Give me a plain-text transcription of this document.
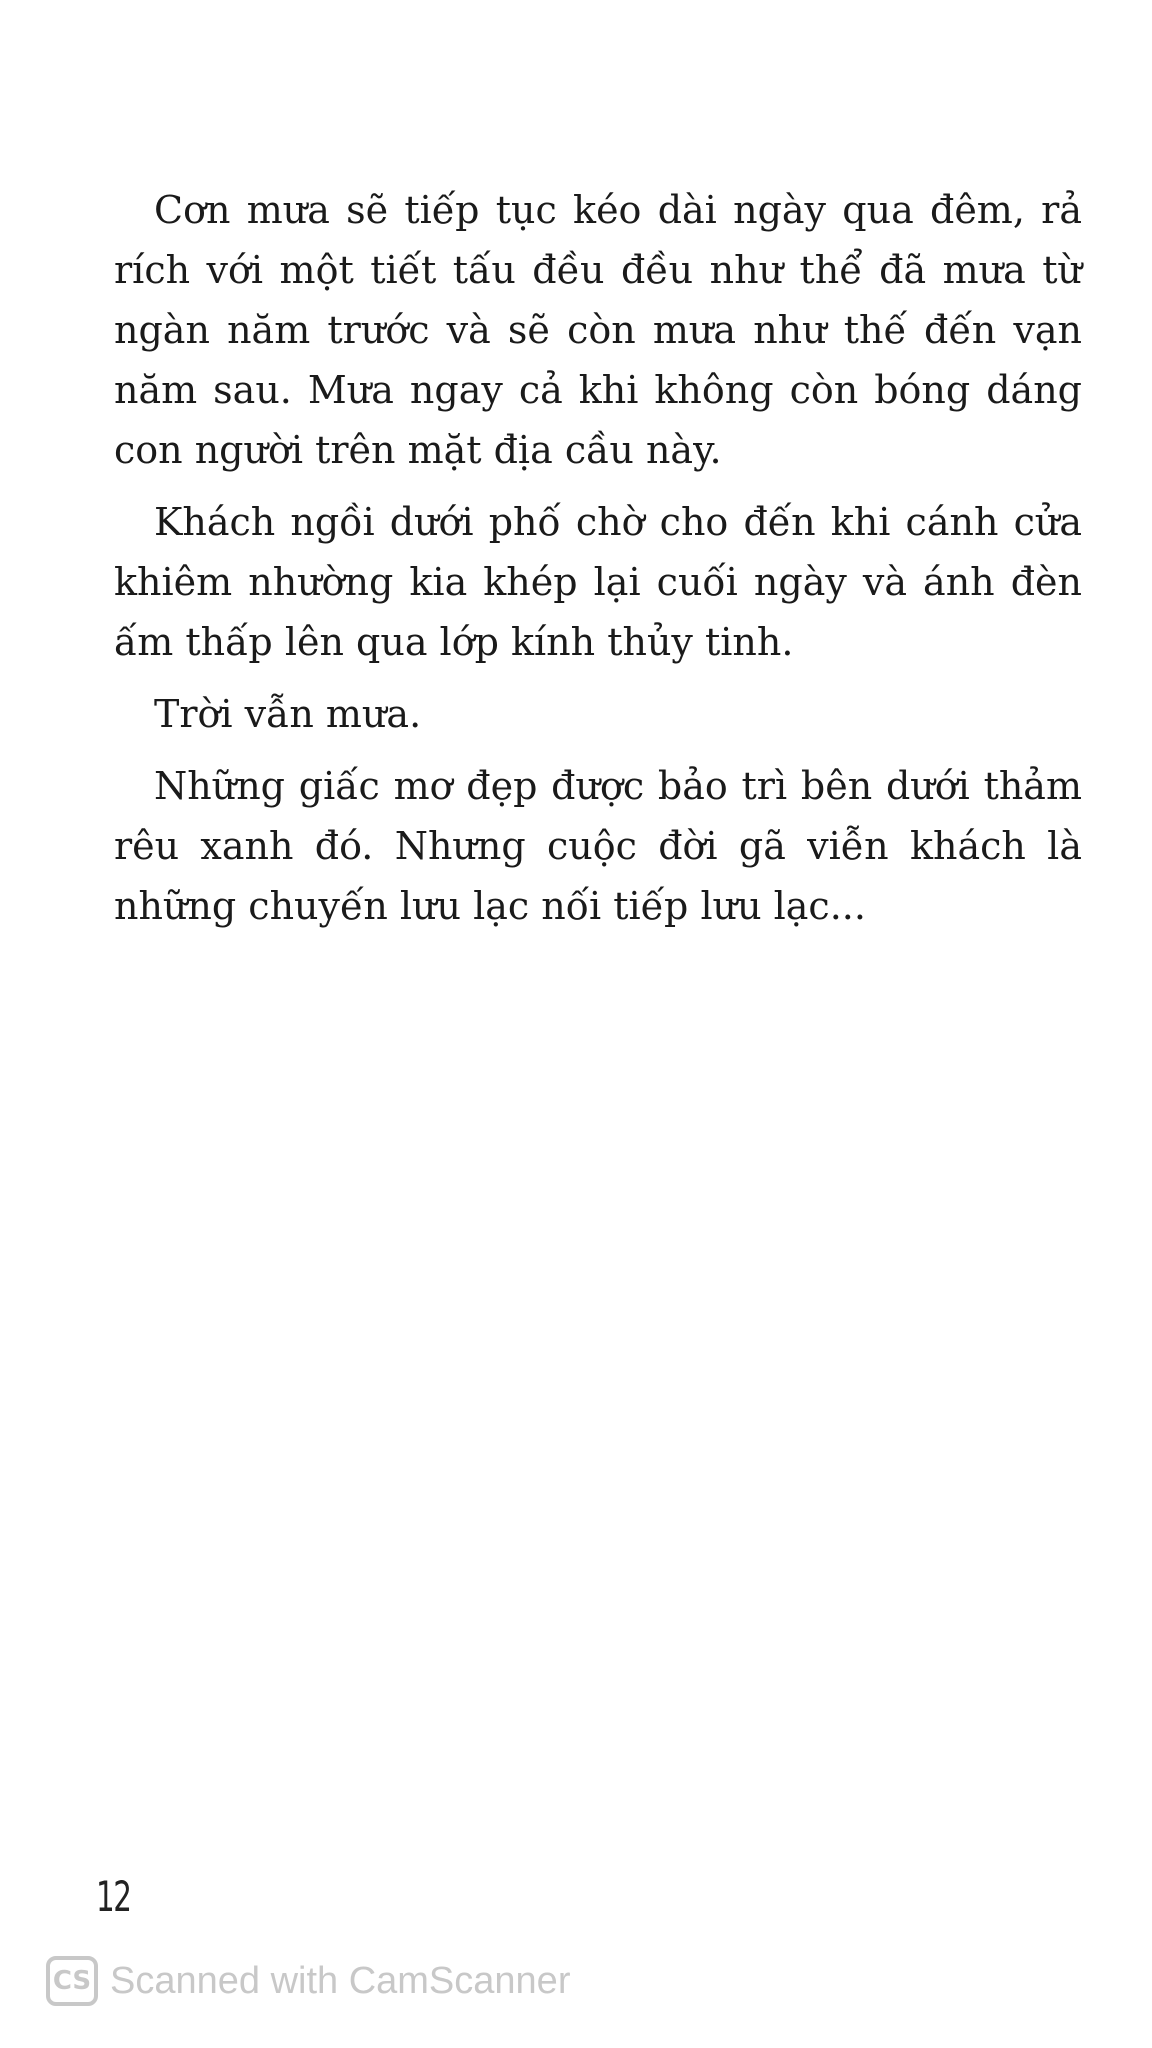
Cơn mưa sẽ tiếp tục kéo dài ngày qua đêm, rả rích với một tiết tấu đều đều như thể đã mưa từ ngàn năm trước và sẽ còn mưa như thế đến vạn năm sau. Mưa ngay cả khi không còn bóng dáng con người trên mặt địa cầu này.

Khách ngồi dưới phố chờ cho đến khi cánh cửa khiêm nhường kia khép lại cuối ngày và ánh đèn ấm thấp lên qua lớp kính thủy tinh.

Trời vẫn mưa.

Những giấc mơ đẹp được bảo trì bên dưới thảm rêu xanh đó. Nhưng cuộc đời gã viễn khách là những chuyến lưu lạc nối tiếp lưu lạc...

12
CS Scanned with CamScanner
